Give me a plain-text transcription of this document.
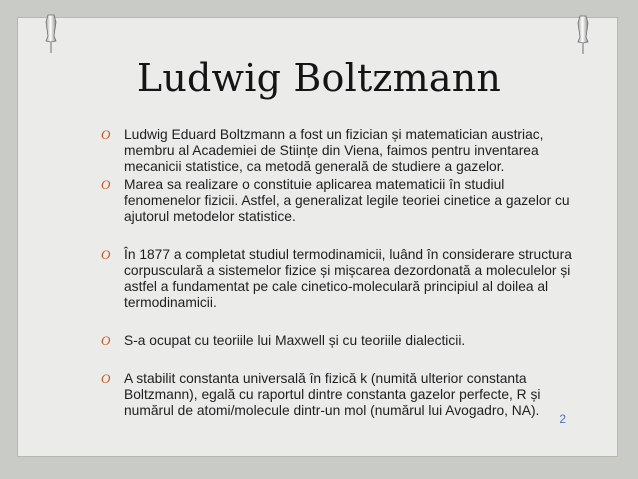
Ludwig Boltzmann
O Ludwig Eduard Boltzmann a fost un fizician și matematician austriac, membru al Academiei de Stiințe din Viena, faimos pentru inventarea mecanicii statistice, ca metodă generală de studiere a gazelor.
O Marea sa realizare o constituie aplicarea matematicii în studiul fenomenelor fizicii. Astfel, a generalizat legile teoriei cinetice a gazelor cu ajutorul metodelor statistice.
O În 1877 a completat studiul termodinamicii, luând în considerare structura corpusculară a sistemelor fizice și mișcarea dezordonată a moleculelor și astfel a fundamentat pe cale cinetico-moleculară principiul al doilea al termodinamicii.
O S-a ocupat cu teoriile lui Maxwell și cu teoriile dialecticii.
O A stabilit constanta universală în fizică k (numită ulterior constanta Boltzmann), egală cu raportul dintre constanta gazelor perfecte, R și numărul de atomi/molecule dintr-un mol (numărul lui Avogadro, NA).
2
